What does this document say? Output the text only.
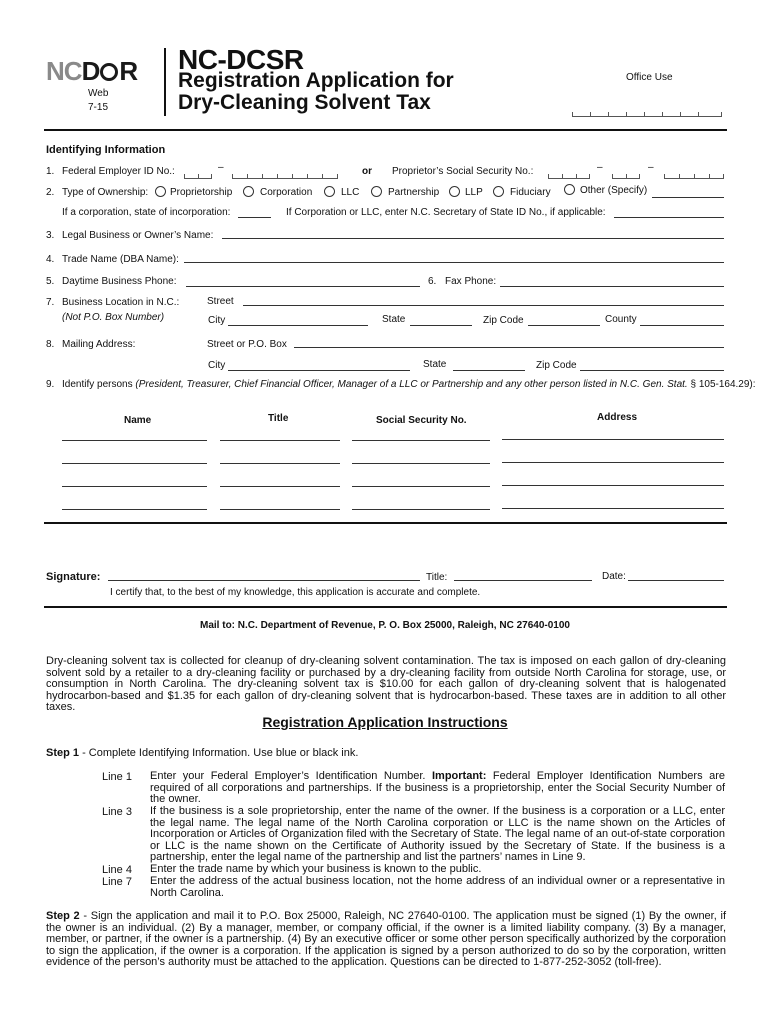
NCD R
Web
7-15
NC-DCSR
Registration Application for
Dry-Cleaning Solvent Tax
Office Use
Identifying Information
1. Federal Employer ID No.:	–	or Proprietor’s Social Security No.:	–	–
2. Type of Ownership: Proprietorship	Corporation	LLC	Partnership	LLP	Fiduciary	Other (Specify)
If a corporation, state of incorporation:	If Corporation or LLC, enter N.C. Secretary of State ID No., if applicable:
3. Legal Business or Owner’s Name:
4. Trade Name (DBA Name):
5. Daytime Business Phone:	6. Fax Phone:
7. Business Location in N.C.:
(Not P.O. Box Number)
Street
City	State	Zip Code	County
8. Mailing Address:	Street or P.O. Box
City	State	Zip Code
9. Identify persons (President, Treasurer, Chief Financial Officer, Manager of a LLC or Partnership and any other person listed in N.C. Gen. Stat. § 105-164.29):
Name	Title	Social Security No.	Address
Signature:	Title:	Date:
I certify that, to the best of my knowledge, this application is accurate and complete.
Mail to: N.C. Department of Revenue, P. O. Box 25000, Raleigh, NC 27640-0100
Dry-cleaning solvent tax is collected for cleanup of dry-cleaning solvent contamination. The tax is imposed on each gallon of dry-cleaning solvent sold by a retailer to a dry-cleaning facility or purchased by a dry-cleaning facility from outside North Carolina for storage, use, or consumption in North Carolina. The dry-cleaning solvent tax is $10.00 for each gallon of dry-cleaning solvent that is halogenated hydrocarbon-based and $1.35 for each gallon of dry-cleaning solvent that is hydrocarbon-based. These taxes are in addition to all other taxes.
Registration Application Instructions
Step 1 - Complete Identifying Information. Use blue or black ink.
Line 1 Enter your Federal Employer’s Identification Number. Important: Federal Employer Identification Numbers are required of all corporations and partnerships. If the business is a proprietorship, enter the Social Security Number of the owner.
Line 3 If the business is a sole proprietorship, enter the name of the owner. If the business is a corporation or a LLC, enter the legal name. The legal name of the North Carolina corporation or LLC is the name shown on the Articles of Incorporation or Articles of Organization filed with the Secretary of State. The legal name of an out-of-state corporation or LLC is the name shown on the Certificate of Authority issued by the Secretary of State. If the business is a partnership, enter the legal name of the partnership and list the partners’ names in Line 9.
Line 4 Enter the trade name by which your business is known to the public.
Line 7 Enter the address of the actual business location, not the home address of an individual owner or a representative in North Carolina.
Step 2 - Sign the application and mail it to P.O. Box 25000, Raleigh, NC 27640-0100. The application must be signed (1) By the owner, if the owner is an individual. (2) By a manager, member, or company official, if the owner is a limited liability company. (3) By a manager, member, or partner, if the owner is a partnership. (4) By an executive officer or some other person specifically authorized by the corporation to sign the application, if the owner is a corporation. If the application is signed by a person authorized to do so by the corporation, written evidence of the person’s authority must be attached to the application. Questions can be directed to 1-877-252-3052 (toll-free).
